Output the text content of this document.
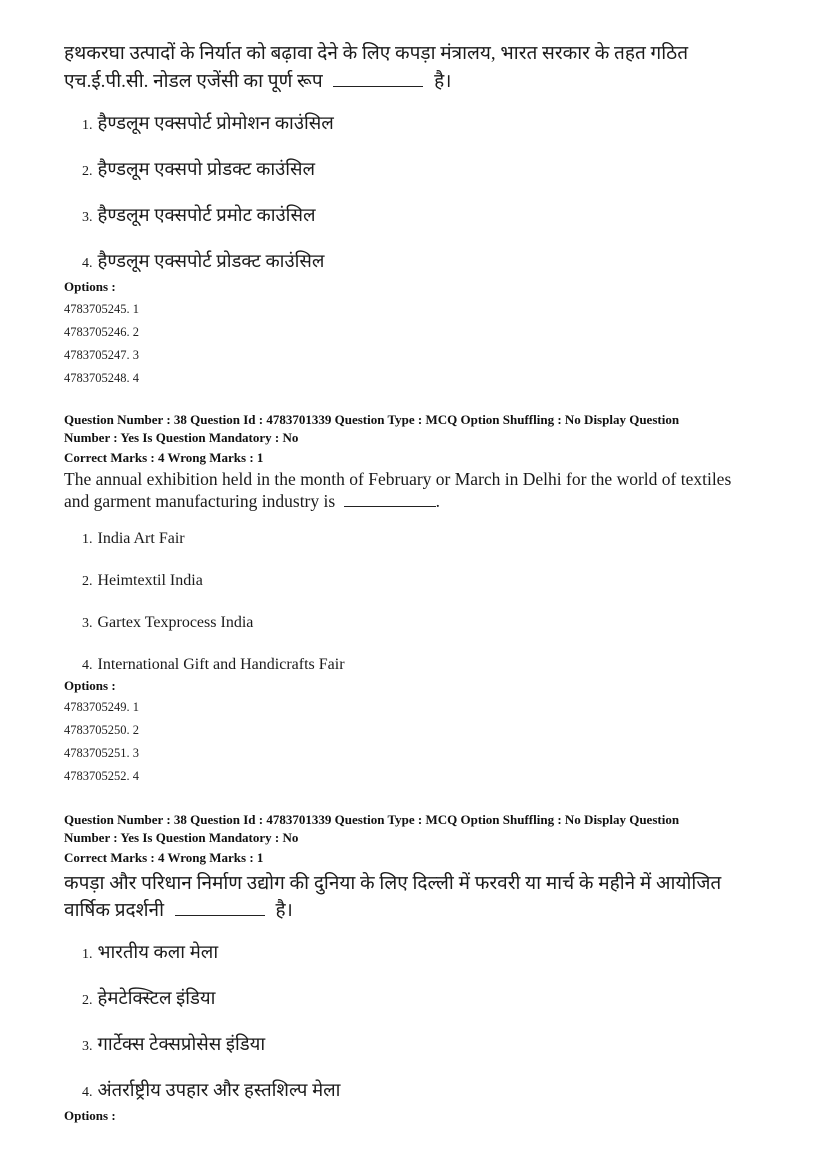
हथकरघा उत्पादों के निर्यात को बढ़ावा देने के लिए कपड़ा मंत्रालय, भारत सरकार के तहत गठित
एच.ई.पी.सी. नोडल एजेंसी का पूर्ण रूप	है।
1. हैण्डलूम एक्सपोर्ट प्रोमोशन काउंसिल
2. हैण्डलूम एक्सपो प्रोडक्ट काउंसिल
3. हैण्डलूम एक्सपोर्ट प्रमोट काउंसिल
4. हैण्डलूम एक्सपोर्ट प्रोडक्ट काउंसिल
Options :
4783705245. 1
4783705246. 2
4783705247. 3
4783705248. 4
Question Number : 38 Question Id : 4783701339 Question Type : MCQ Option Shuffling : No Display Question
Number : Yes Is Question Mandatory : No
Correct Marks : 4 Wrong Marks : 1
The annual exhibition held in the month of February or March in Delhi for the world of textiles
and garment manufacturing industry is	.
1. India Art Fair
2. Heimtextil India
3. Gartex Texprocess India
4. International Gift and Handicrafts Fair
Options :
4783705249. 1
4783705250. 2
4783705251. 3
4783705252. 4
Question Number : 38 Question Id : 4783701339 Question Type : MCQ Option Shuffling : No Display Question
Number : Yes Is Question Mandatory : No
Correct Marks : 4 Wrong Marks : 1
कपड़ा और परिधान निर्माण उद्योग की दुनिया के लिए दिल्ली में फरवरी या मार्च के महीने में आयोजित
वार्षिक प्रदर्शनी	है।
1. भारतीय कला मेला
2. हेमटेक्स्टिल इंडिया
3. गार्टेक्स टेक्सप्रोसेस इंडिया
4. अंतर्राष्ट्रीय उपहार और हस्तशिल्प मेला
Options :
